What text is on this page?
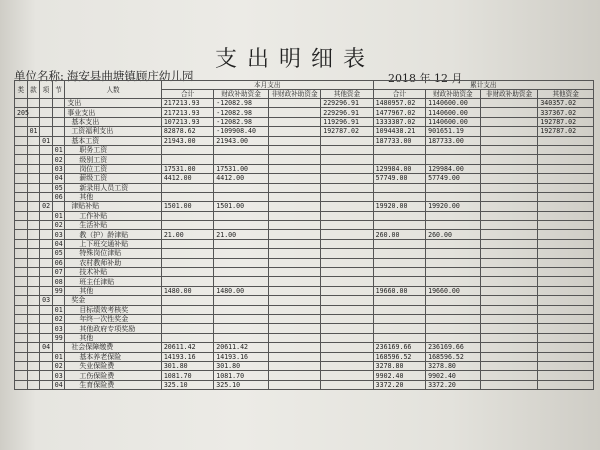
支出明细表
单位名称: 海安县曲塘镇顾庄幼儿园	2018 年 12 月
类	款	项	节	人数	本月支出				累计支出			
					合计	财政补助资金	非财政补助资金	其他资金	合计	财政补助资金	非财政补助资金	其他资金
				支出	217213.93	-12082.98		229296.91	1480957.02	1140600.00		340357.02
205				事业支出	217213.93	-12082.98		229296.91	1477967.02	1140600.00		337367.02
				基本支出	107213.93	-12082.98		119296.91	1333387.02	1140600.00		192787.02
	01			工资福利支出	82878.62	-109908.40		192787.02	1094438.21	901651.19		192787.02
		01		基本工资	21943.00	21943.00			187733.00	187733.00		
			01	职务工资								
			02	级别工资								
			03	岗位工资	17531.00	17531.00			129984.00	129984.00		
			04	薪级工资	4412.00	4412.00			57749.00	57749.00		
			05	新录用人员工资								
			06	其他								
		02		津贴补贴	1501.00	1501.00			19920.00	19920.00		
			01	工作补贴								
			02	生活补贴								
			03	教（护）龄津贴	21.00	21.00			260.00	260.00		
			04	上下班交通补贴								
			05	特殊岗位津贴								
			06	农村教师补助								
			07	技术补贴								
			08	班主任津贴								
			99	其他	1480.00	1480.00			19660.00	19660.00		
		03		奖金								
			01	目标绩效考核奖								
			02	年终一次性奖金								
			03	其他政府专项奖励								
			99	其他								
		04		社会保障缴费	20611.42	20611.42			236169.66	236169.66		
			01	基本养老保险	14193.16	14193.16			168596.52	168596.52		
			02	失业保险费	301.80	301.80			3278.80	3278.80		
			03	工伤保险费	1081.70	1081.70			9902.40	9902.40		
			04	生育保险费	325.10	325.10			3372.20	3372.20		
